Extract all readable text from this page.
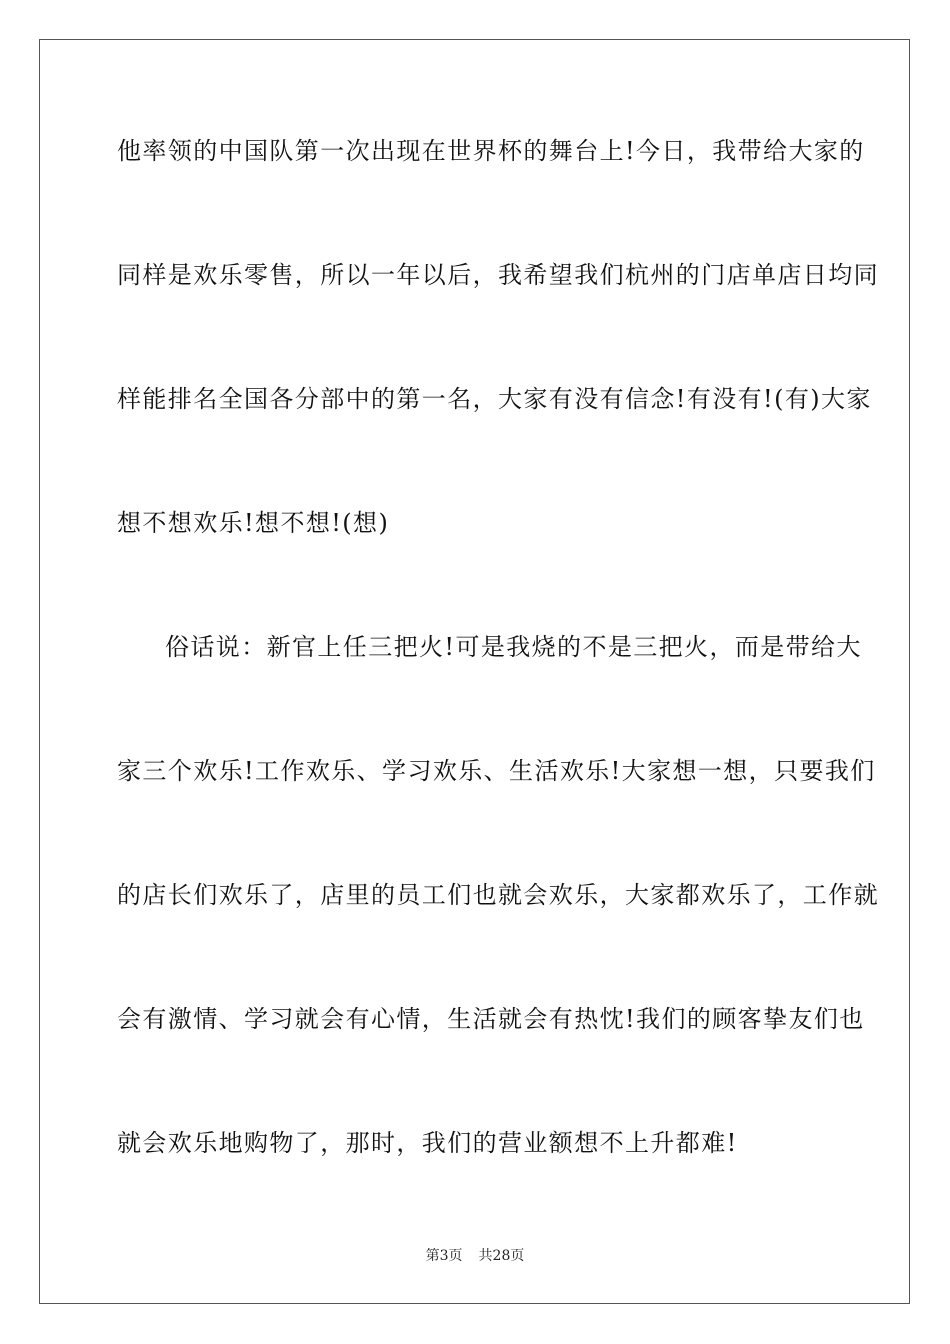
他率领的中国队第一次出现在世界杯的舞台上!今日，我带给大家的
同样是欢乐零售，所以一年以后，我希望我们杭州的门店单店日均同
样能排名全国各分部中的第一名，大家有没有信念!有没有!(有)大家
想不想欢乐!想不想!(想)
俗话说：新官上任三把火!可是我烧的不是三把火，而是带给大
家三个欢乐!工作欢乐、学习欢乐、生活欢乐!大家想一想，只要我们
的店长们欢乐了，店里的员工们也就会欢乐，大家都欢乐了，工作就
会有激情、学习就会有心情，生活就会有热忱!我们的顾客挚友们也
就会欢乐地购物了，那时，我们的营业额想不上升都难!
第3页 共28页
